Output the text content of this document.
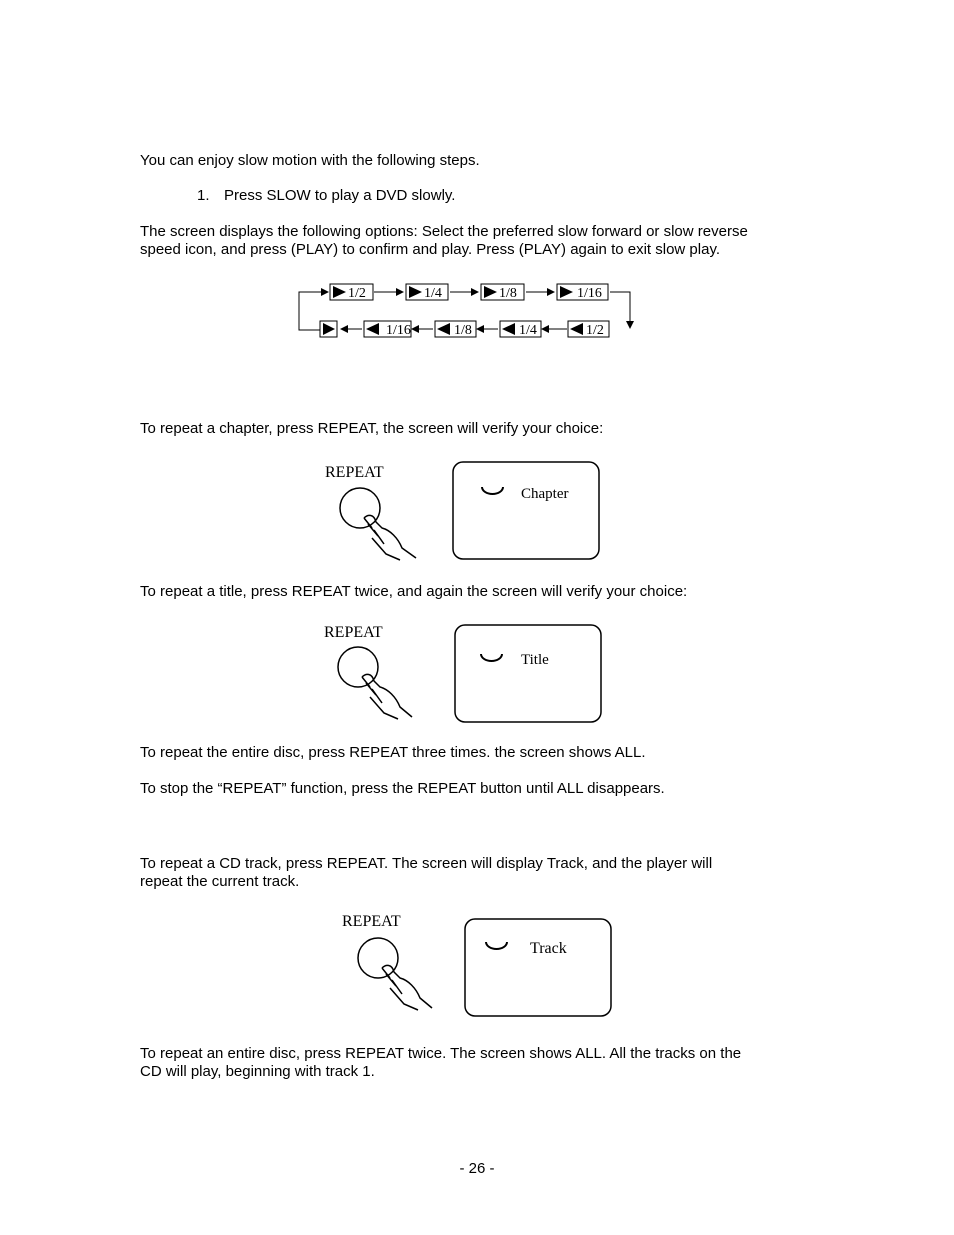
You can enjoy slow motion with the following steps.

1. Press SLOW to play a DVD slowly.

The screen displays the following options: Select the preferred slow forward or slow reverse

speed icon, and press (PLAY) to confirm and play. Press (PLAY) again to exit slow play.

1/2	1/4	1/8	1/16
1/16	1/8	1/4	1/2

To repeat a chapter, press REPEAT, the screen will verify your choice:

REPEAT
Chapter

To repeat a title, press REPEAT twice, and again the screen will verify your choice:

REPEAT
Title

To repeat the entire disc, press REPEAT three times. the screen shows ALL.

To stop the “REPEAT” function, press the REPEAT button until ALL disappears.

To repeat a CD track, press REPEAT. The screen will display Track, and the player will

repeat the current track.

REPEAT
Track

To repeat an entire disc, press REPEAT twice. The screen shows ALL. All the tracks on the

CD will play, beginning with track 1.

- 26 -
